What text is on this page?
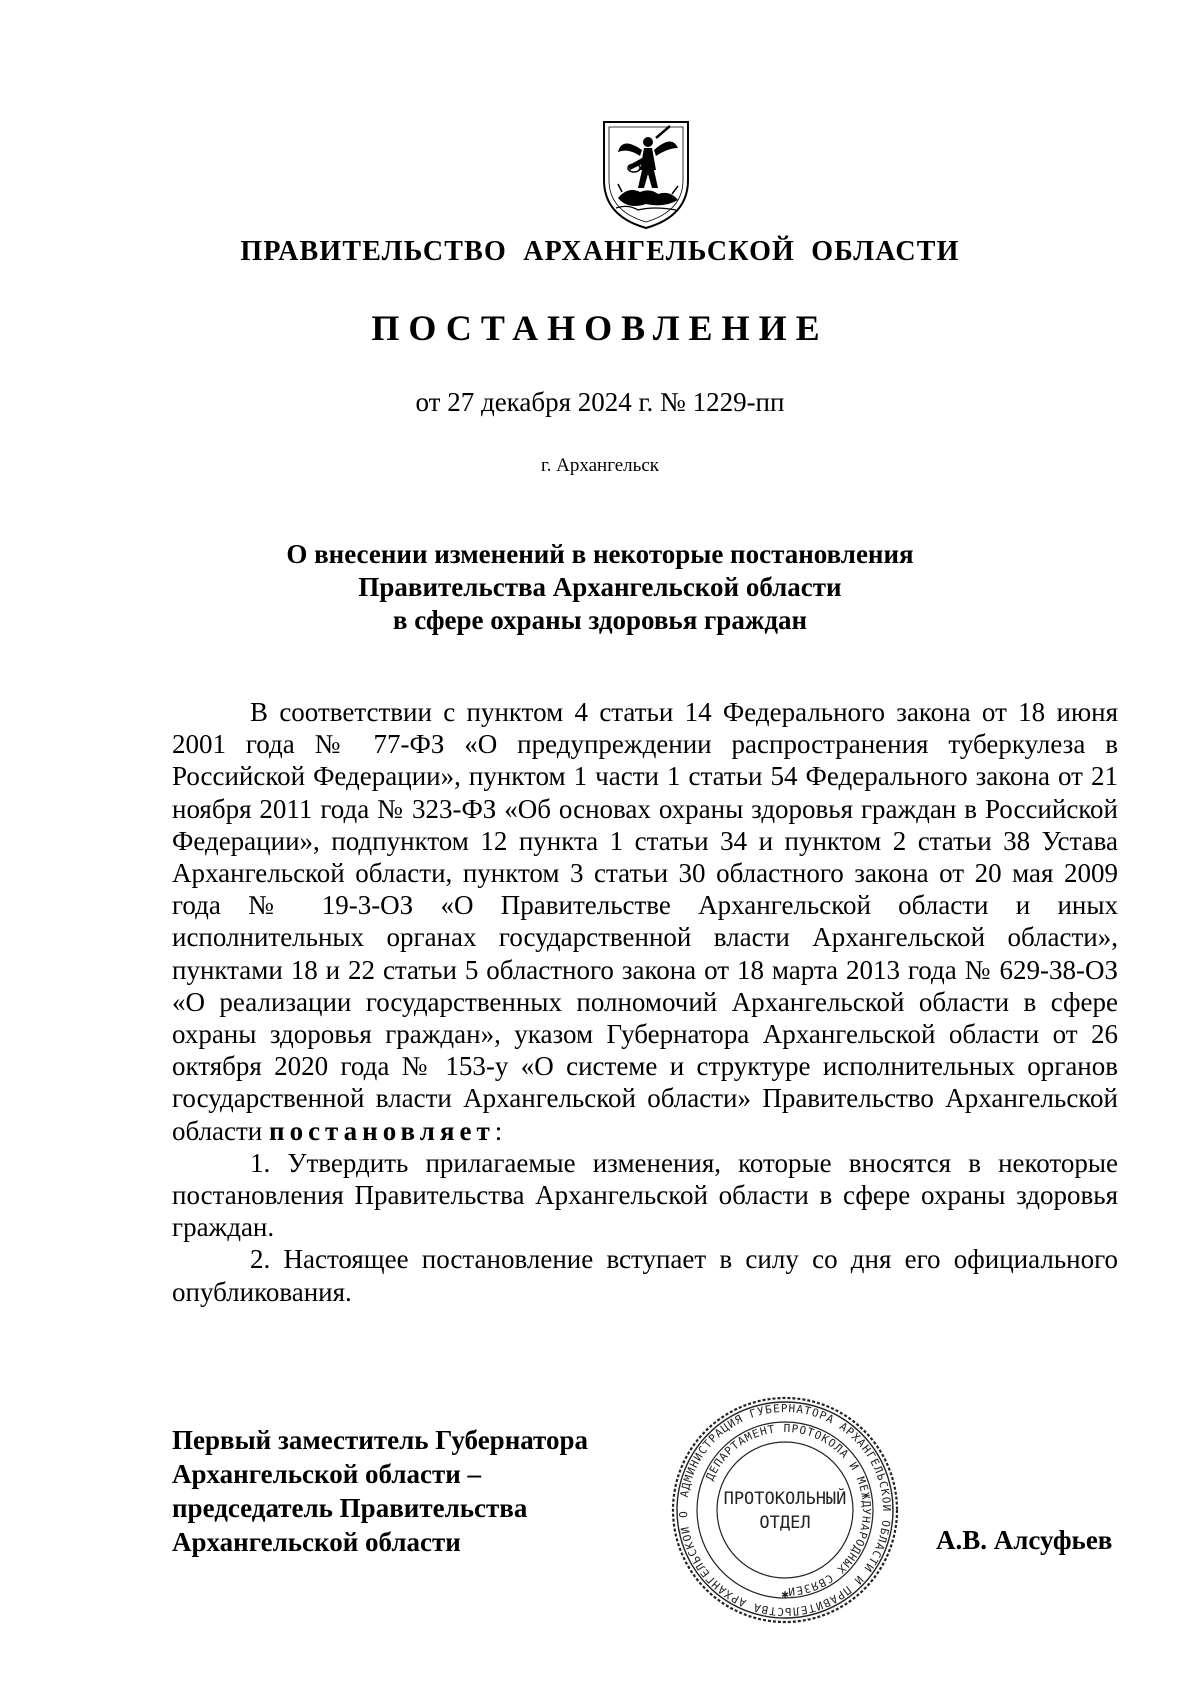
ПРАВИТЕЛЬСТВО АРХАНГЕЛЬСКОЙ ОБЛАСТИ
ПОСТАНОВЛЕНИЕ
от 27 декабря 2024 г. № 1229-пп
г. Архангельск
О внесении изменений в некоторые постановления
Правительства Архангельской области
в сфере охраны здоровья граждан

В соответствии с пунктом 4 статьи 14 Федерального закона от 18 июня 2001 года № 77-ФЗ «О предупреждении распространения туберкулеза в Российской Федерации», пунктом 1 части 1 статьи 54 Федерального закона от 21 ноября 2011 года № 323-ФЗ «Об основах охраны здоровья граждан в Российской Федерации», подпунктом 12 пункта 1 статьи 34 и пунктом 2 статьи 38 Устава Архангельской области, пунктом 3 статьи 30 областного закона от 20 мая 2009 года № 19-3-ОЗ «О Правительстве Архангельской области и иных исполнительных органах государственной власти Архангельской области», пунктами 18 и 22 статьи 5 областного закона от 18 марта 2013 года № 629-38-ОЗ «О реализации государственных полномочий Архангельской области в сфере охраны здоровья граждан», указом Губернатора Архангельской области от 26 октября 2020 года № 153-у «О системе и структуре исполнительных органов государственной власти Архангельской области» Правительство Архангельской области постановляет:

1. Утвердить прилагаемые изменения, которые вносятся в некоторые постановления Правительства Архангельской области в сфере охраны здоровья граждан.

2. Настоящее постановление вступает в силу со дня его официального опубликования.

Первый заместитель Губернатора
Архангельской области –
председатель Правительства
Архангельской области
АДМИНИСТРАЦИЯ ГУБЕРНАТОРА АРХАНГЕЛЬСКОЙ ОБЛАСТИ И ПРАВИТЕЛЬСТВА АРХАНГЕЛЬСКОЙ О
ДЕПАРТАМЕНТ ПРОТОКОЛА И МЕЖДУНАРОДНЫХ СВЯЗЕЙ
ПРОТОКОЛЬНЫЙ
ОТДЕЛ
✱
А.В. Алсуфьев
